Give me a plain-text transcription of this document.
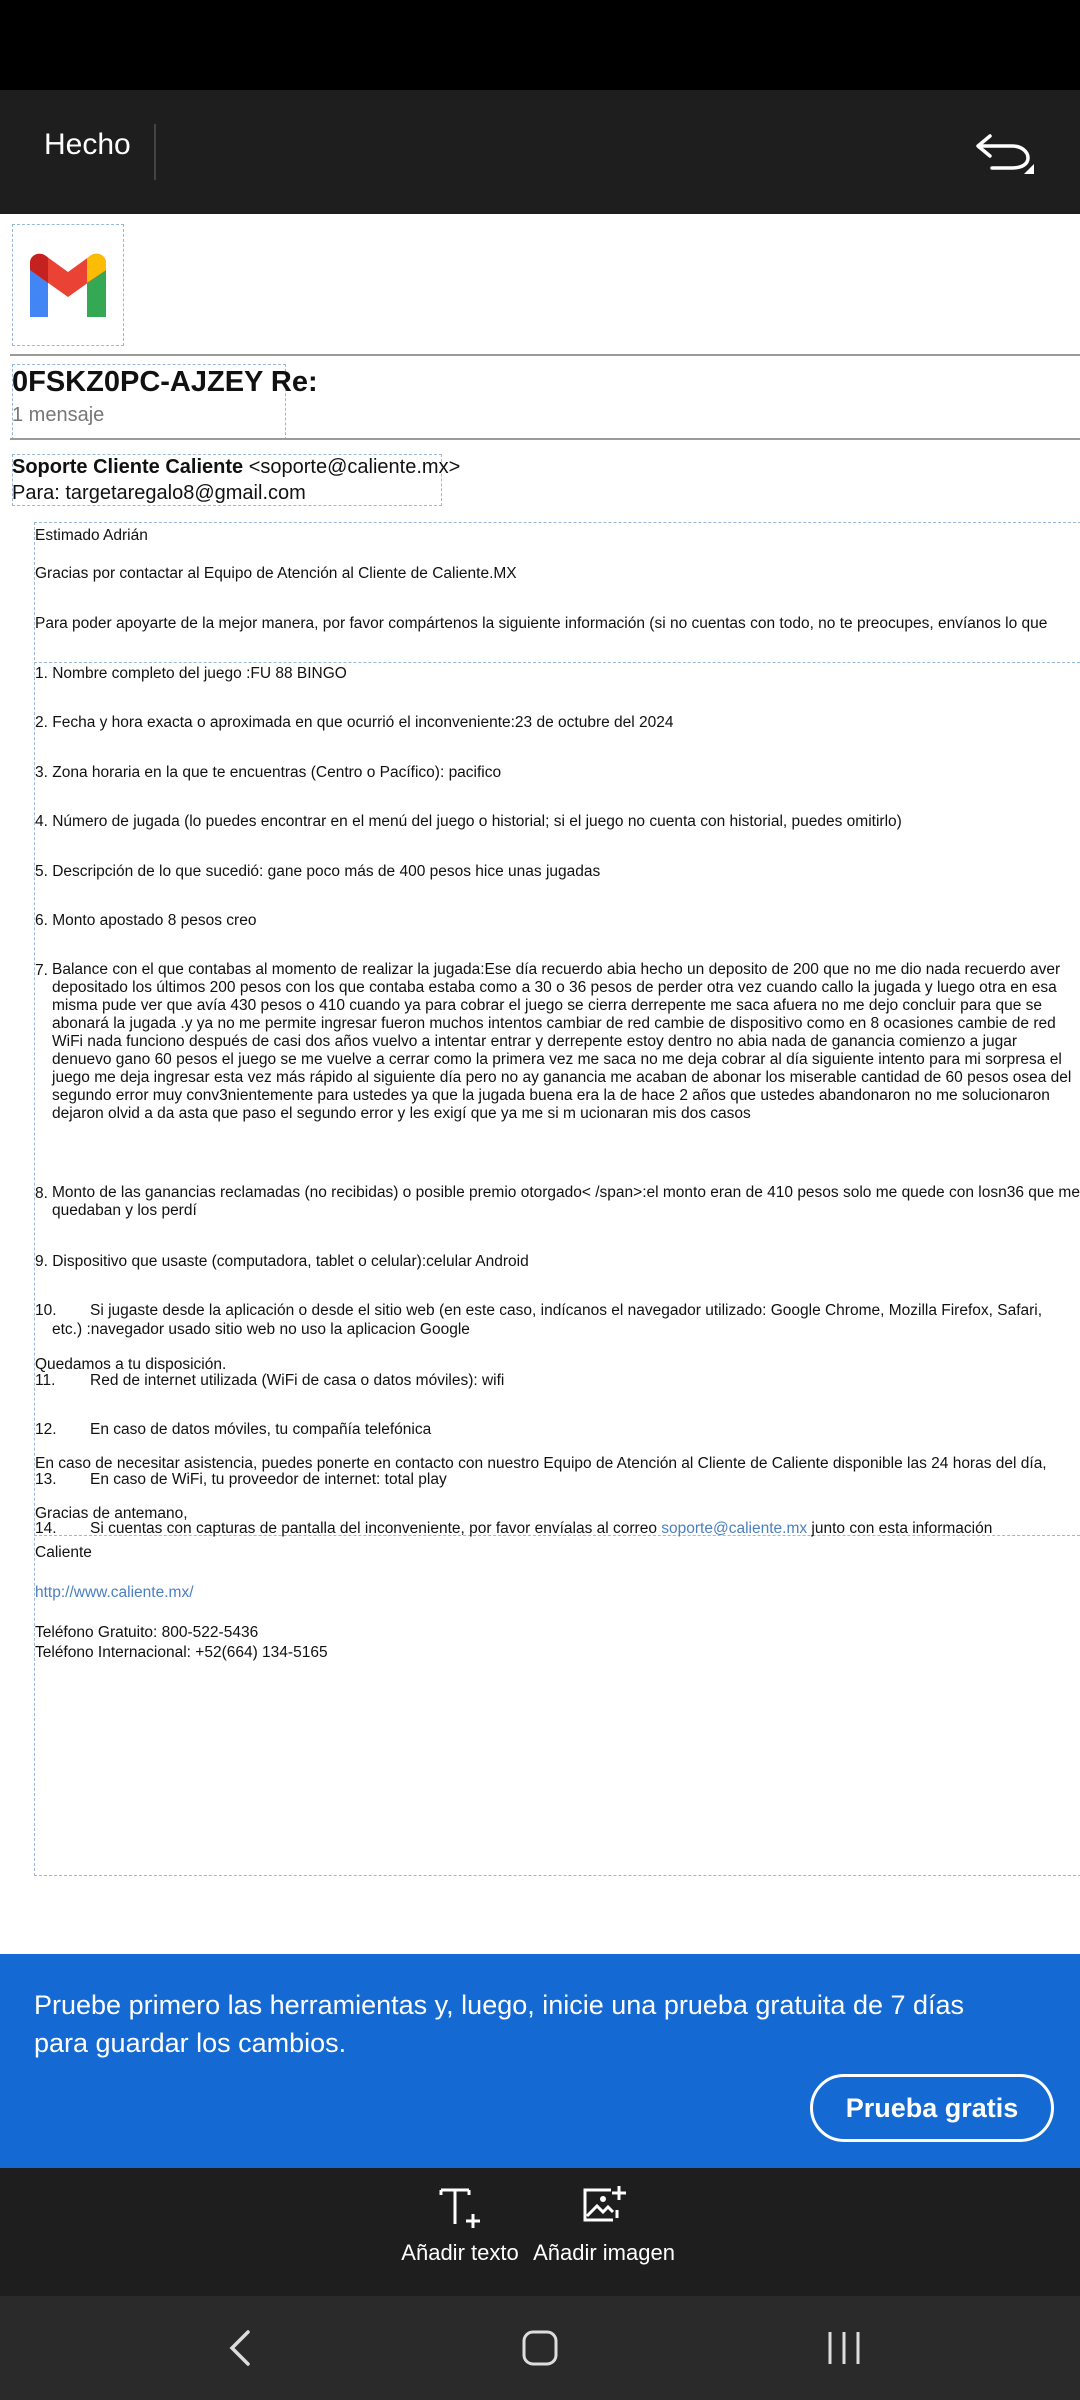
Hecho
0FSKZ0PC-AJZEY Re:
1 mensaje
Soporte Cliente Caliente <soporte@caliente.mx>
Para: targetaregalo8@gmail.com
Estimado Adrián
Gracias por contactar al Equipo de Atención al Cliente de Caliente.MX
Para poder apoyarte de la mejor manera, por favor compártenos la siguiente información (si no cuentas con todo, no te preocupes, envíanos lo que
1. Nombre completo del juego :FU 88 BINGO
2. Fecha y hora exacta o aproximada en que ocurrió el inconveniente:23 de octubre del 2024
3. Zona horaria en la que te encuentras (Centro o Pacífico): pacifico
4. Número de jugada (lo puedes encontrar en el menú del juego o historial; si el juego no cuenta con historial, puedes omitirlo)
5. Descripción de lo que sucedió: gane poco más de 400 pesos hice unas jugadas
6. Monto apostado 8 pesos creo
7. Balance con el que contabas al momento de realizar la jugada:Ese día recuerdo abia hecho un deposito de 200 que no me dio nada recuerdo aver depositado los últimos 200 pesos con los que contaba estaba como a 30 o 36 pesos de perder otra vez cuando callo la jugada y luego otra en esa misma pude ver que avía 430 pesos o 410 cuando ya para cobrar el juego se cierra derrepente me saca afuera no me dejo concluir para que se abonará la jugada .y ya no me permite ingresar fueron muchos intentos cambiar de red cambie de dispositivo como en 8 ocasiones cambie de red WiFi nada funciono después de casi dos años vuelvo a intentar entrar y derrepente estoy dentro no abia nada de ganancia comienzo a jugar denuevo gano 60 pesos el juego se me vuelve a cerrar como la primera vez me saca no me deja cobrar al día siguiente intento para mi sorpresa el juego me deja ingresar esta vez más rápido al siguiente día pero no ay ganancia me acaban de abonar los miserable cantidad de 60 pesos osea del segundo error muy conv3nientemente para ustedes ya que la jugada buena era la de hace 2 años que ustedes abandonaron no me solucionaron dejaron olvid a da asta que paso el segundo error y les exigí que ya me si m ucionaran mis dos casos
8. Monto de las ganancias reclamadas (no recibidas) o posible premio otorgado< /span>:el monto eran de 410 pesos solo me quede con losn36 que me quedaban y los perdí
9. Dispositivo que usaste (computadora, tablet o celular):celular Android
10. Si jugaste desde la aplicación o desde el sitio web (en este caso, indícanos el navegador utilizado: Google Chrome, Mozilla Firefox, Safari,
etc.) :navegador usado sitio web no uso la aplicacion Google
Quedamos a tu disposición.
11. Red de internet utilizada (WiFi de casa o datos móviles): wifi
12. En caso de datos móviles, tu compañía telefónica
En caso de necesitar asistencia, puedes ponerte en contacto con nuestro Equipo de Atención al Cliente de Caliente disponible las 24 horas del día,
13. En caso de WiFi, tu proveedor de internet: total play
Gracias de antemano,
14. Si cuentas con capturas de pantalla del inconveniente, por favor envíalas al correo soporte@caliente.mx junto con esta información
Caliente
http://www.caliente.mx/
Teléfono Gratuito: 800-522-5436
Teléfono Internacional: +52(664) 134-5165
Pruebe primero las herramientas y, luego, inicie una prueba gratuita de 7 días para guardar los cambios.
Prueba gratis
Añadir texto Añadir imagen
